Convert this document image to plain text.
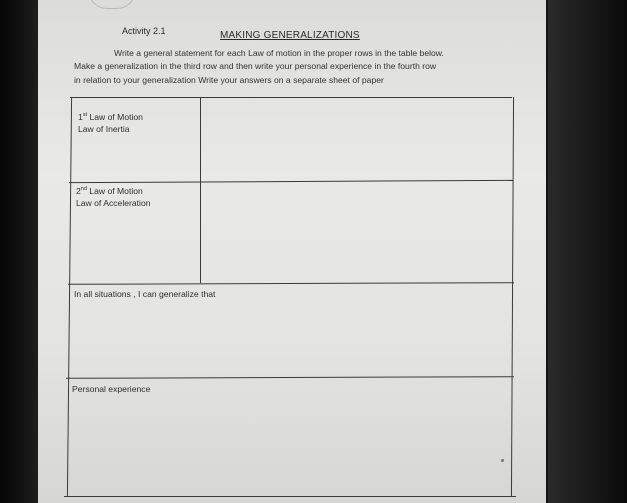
Activity 2.1	MAKING GENERALIZATIONS
Write a general statement for each Law of motion in the proper rows in the table below.
Make a generalization in the third row and then write your personal experience in the fourth row
in relation to your generalization Write your answers on a separate sheet of paper
1st Law of Motion
Law of Inertia
2nd Law of Motion
Law of Acceleration
In all situations , I can generalize that
Personal experience
